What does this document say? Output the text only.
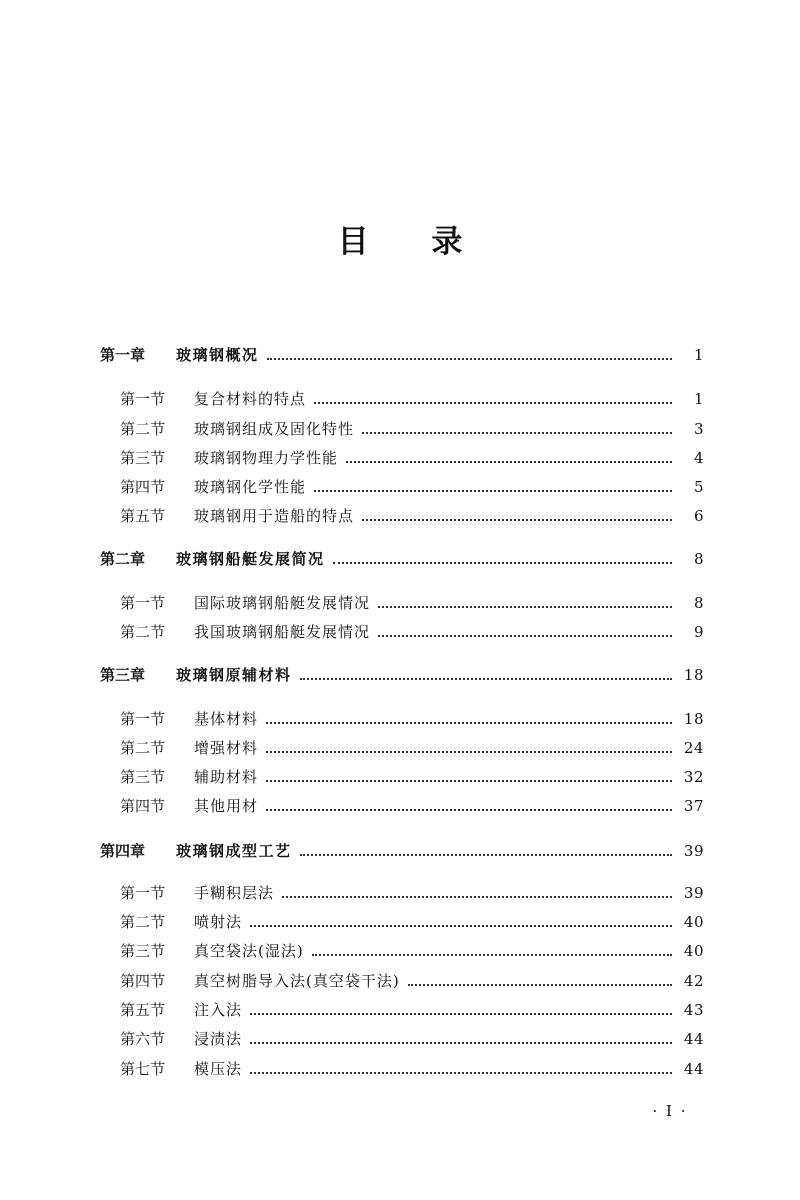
目 录
第一章	玻璃钢概况	1
第一节	复合材料的特点	1
第二节	玻璃钢组成及固化特性	3
第三节	玻璃钢物理力学性能	4
第四节	玻璃钢化学性能	5
第五节	玻璃钢用于造船的特点	6
第二章	玻璃钢船艇发展简况	8
第一节	国际玻璃钢船艇发展情况	8
第二节	我国玻璃钢船艇发展情况	9
第三章	玻璃钢原辅材料	18
第一节	基体材料	18
第二节	增强材料	24
第三节	辅助材料	32
第四节	其他用材	37
第四章	玻璃钢成型工艺	39
第一节	手糊积层法	39
第二节	喷射法	40
第三节	真空袋法(湿法)	40
第四节	真空树脂导入法(真空袋干法)	42
第五节	注入法	43
第六节	浸渍法	44
第七节	模压法	44
· I ·
